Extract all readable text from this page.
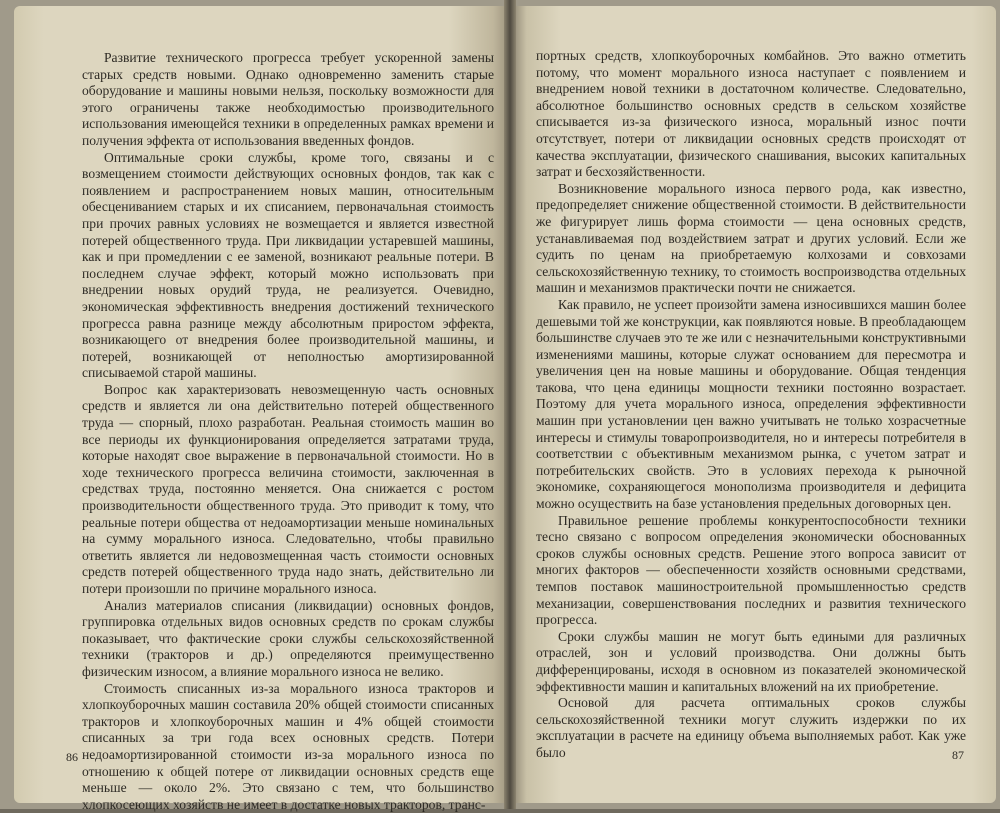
Развитие технического прогресса требует ускоренной замены старых средств новыми. Однако одновременно заменить старые оборудование и машины новыми нельзя, поскольку возможности для этого ограничены также необходимостью производительного использования имеющейся техники в определенных рамках времени и получения эффекта от использования введенных фондов.

Оптимальные сроки службы, кроме того, связаны и с возмещением стоимости действующих основных фондов, так как с появлением и распространением новых машин, относительным обесцениванием старых и их списанием, первоначальная стоимость при прочих равных условиях не возмещается и является известной потерей общественного труда. При ликвидации устаревшей машины, как и при промедлении с ее заменой, возникают реальные потери. В последнем случае эффект, который можно использовать при внедрении новых орудий труда, не реализуется. Очевидно, экономическая эффективность внедрения достижений технического прогресса равна разнице между абсолютным приростом эффекта, возникающего от внедрения более производительной машины, и потерей, возникающей от неполностью амортизированной списываемой старой машины.

Вопрос как характеризовать невозмещенную часть основных средств и является ли она действительно потерей общественного труда — спорный, плохо разработан. Реальная стоимость машин во все периоды их функционирования определяется затратами труда, которые находят свое выражение в первоначальной стоимости. Но в ходе технического прогресса величина стоимости, заключенная в средствах труда, постоянно меняется. Она снижается с ростом производительности общественного труда. Это приводит к тому, что реальные потери общества от недоамортизации меньше номинальных на сумму морального износа. Следовательно, чтобы правильно ответить является ли недовозмещенная часть стоимости основных средств потерей общественного труда надо знать, действительно ли потери произошли по причине морального износа.

Анализ материалов списания (ликвидации) основных фондов, группировка отдельных видов основных средств по срокам службы показывает, что фактические сроки службы сельскохозяйственной техники (тракторов и др.) определяются преимущественно физическим износом, а влияние морального износа не велико.

Стоимость списанных из-за морального износа тракторов и хлопкоуборочных машин составила 20% общей стоимости списанных тракторов и хлопкоуборочных машин и 4% общей стоимости списанных за три года всех основных средств. Потери недоамортизированной стоимости из-за морального износа по отношению к общей потере от ликвидации основных средств еще меньше — около 2%. Это связано с тем, что большинство хлопкосеющих хозяйств не имеет в достатке новых тракторов, транс-

86

портных средств, хлопкоуборочных комбайнов. Это важно отметить потому, что момент морального износа наступает с появлением и внедрением новой техники в достаточном количестве. Следовательно, абсолютное большинство основных средств в сельском хозяйстве списывается из-за физического износа, моральный износ почти отсутствует, потери от ликвидации основных средств происходят от качества эксплуатации, физического снашивания, высоких капитальных затрат и бесхозяйственности.

Возникновение морального износа первого рода, как известно, предопределяет снижение общественной стоимости. В действительности же фигурирует лишь форма стоимости — цена основных средств, устанавливаемая под воздействием затрат и других условий. Если же судить по ценам на приобретаемую колхозами и совхозами сельскохозяйственную технику, то стоимость воспроизводства отдельных машин и механизмов практически почти не снижается.

Как правило, не успеет произойти замена износившихся машин более дешевыми той же конструкции, как появляются новые. В преобладающем большинстве случаев это те же или с незначительными конструктивными изменениями машины, которые служат основанием для пересмотра и увеличения цен на новые машины и оборудование. Общая тенденция такова, что цена единицы мощности техники постоянно возрастает. Поэтому для учета морального износа, определения эффективности машин при установлении цен важно учитывать не только хозрасчетные интересы и стимулы товаропроизводителя, но и интересы потребителя в соответствии с объективным механизмом рынка, с учетом затрат и потребительских свойств. Это в условиях перехода к рыночной экономике, сохраняющегося монополизма производителя и дефицита можно осуществить на базе установления предельных договорных цен.

Правильное решение проблемы конкурентоспособности техники тесно связано с вопросом определения экономически обоснованных сроков службы основных средств. Решение этого вопроса зависит от многих факторов — обеспеченности хозяйств основными средствами, темпов поставок машиностроительной промышленностью средств механизации, совершенствования последних и развития технического прогресса.

Сроки службы машин не могут быть едиными для различных отраслей, зон и условий производства. Они должны быть дифференцированы, исходя в основном из показателей экономической эффективности машин и капитальных вложений на их приобретение.

Основой для расчета оптимальных сроков службы сельскохозяйственной техники могут служить издержки по их эксплуатации в расчете на единицу объема выполняемых работ. Как уже было	87
